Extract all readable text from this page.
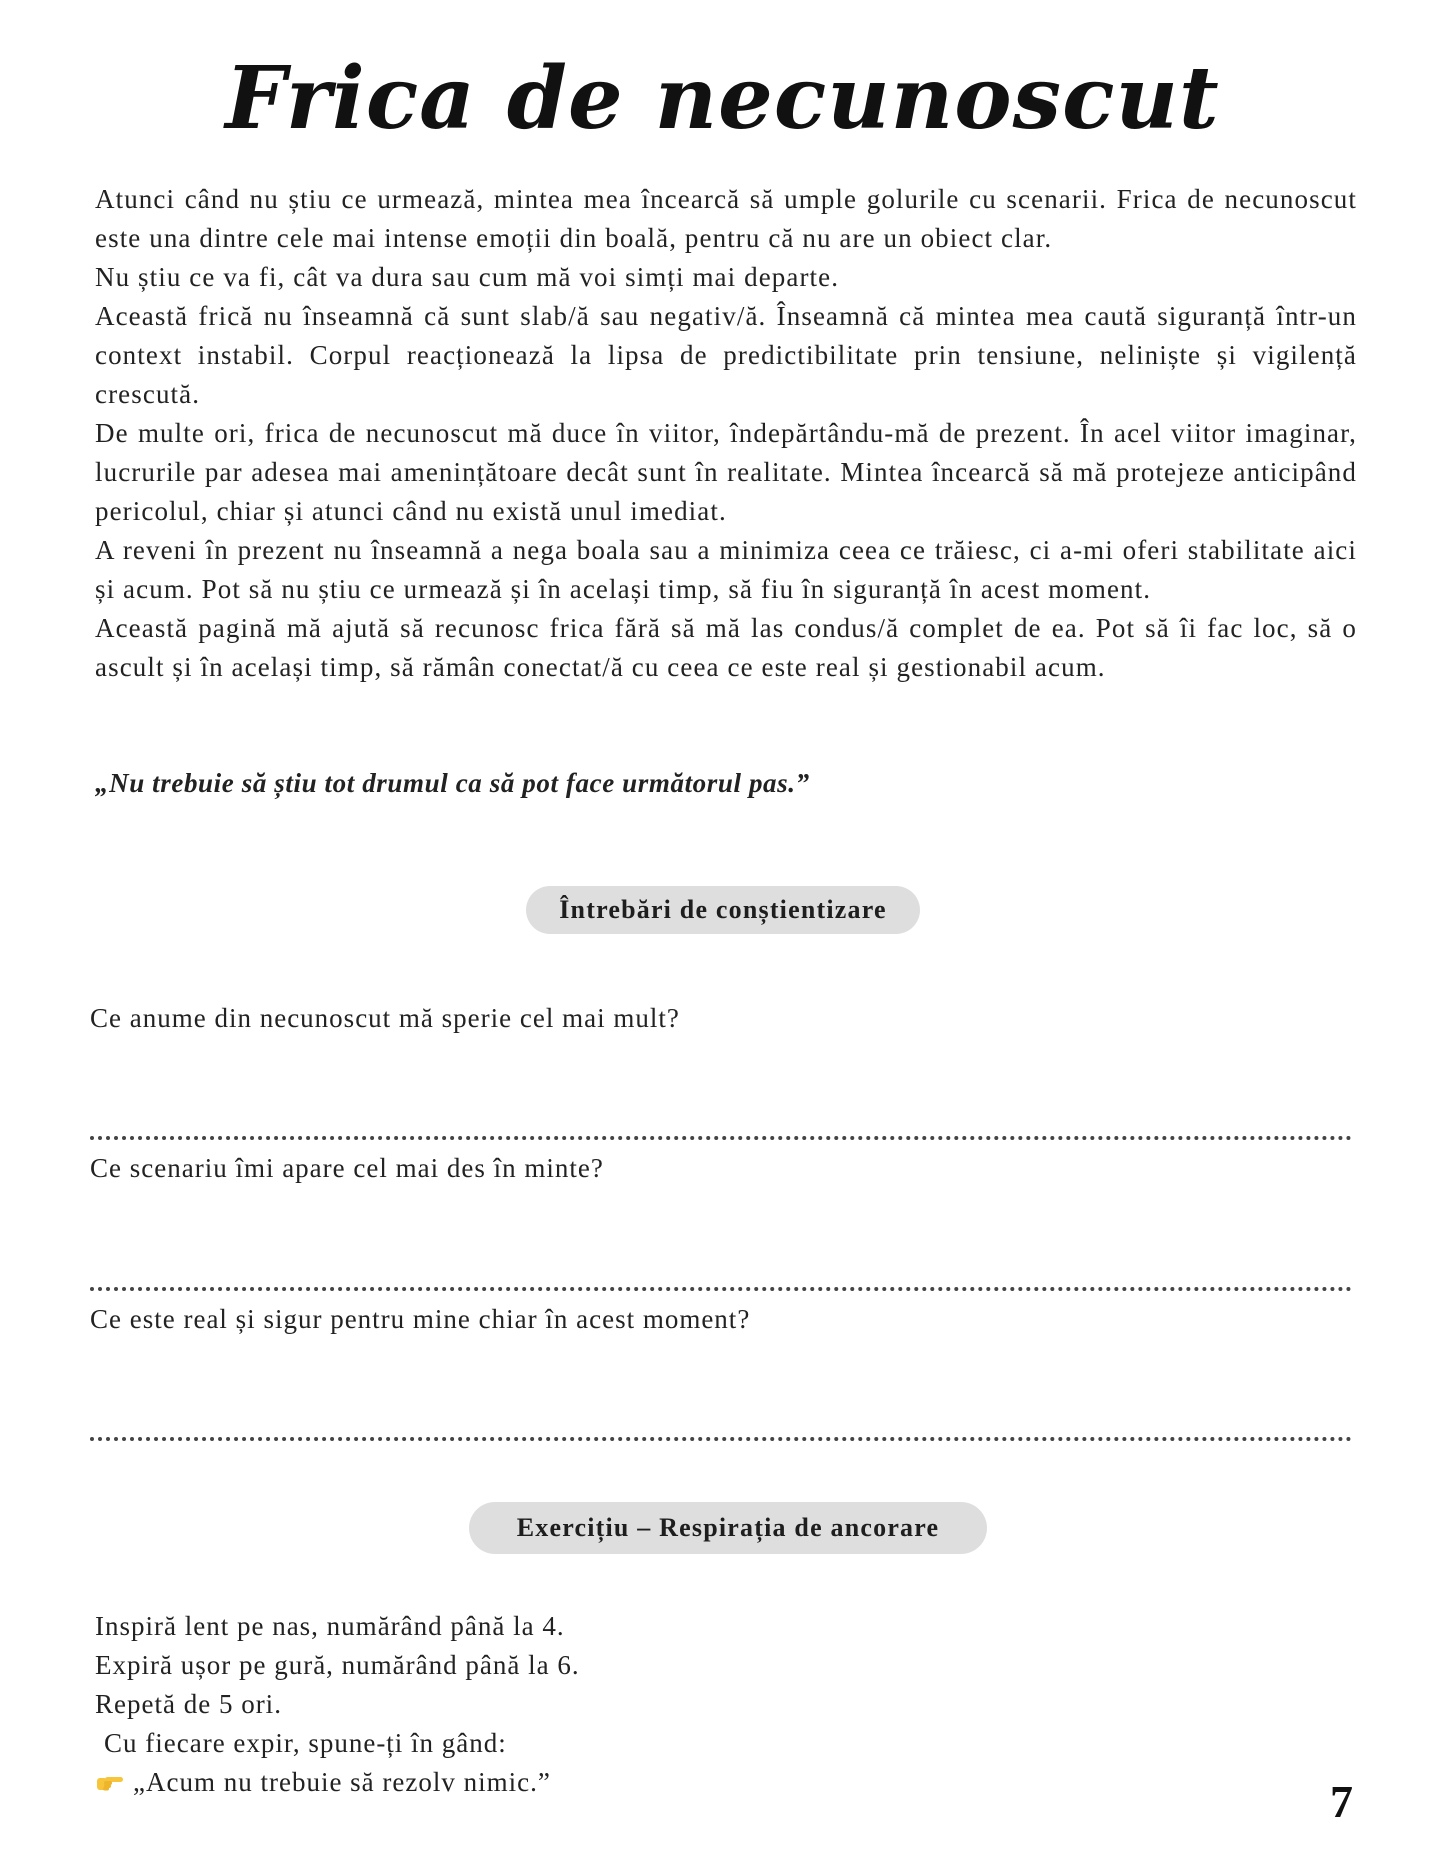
Frica de necunoscut

Atunci când nu știu ce urmează, mintea mea încearcă să umple golurile cu scenarii. Frica de necunoscut este una dintre cele mai intense emoții din boală, pentru că nu are un obiect clar.

Nu știu ce va fi, cât va dura sau cum mă voi simți mai departe.

Această frică nu înseamnă că sunt slab/ă sau negativ/ă. Înseamnă că mintea mea caută siguranță într-un context instabil. Corpul reacționează la lipsa de predictibilitate prin tensiune, neliniște și vigilență crescută.

De multe ori, frica de necunoscut mă duce în viitor, îndepărtându-mă de prezent. În acel viitor imaginar, lucrurile par adesea mai amenințătoare decât sunt în realitate. Mintea încearcă să mă protejeze anticipând pericolul, chiar și atunci când nu există unul imediat.

A reveni în prezent nu înseamnă a nega boala sau a minimiza ceea ce trăiesc, ci a-mi oferi stabilitate aici și acum. Pot să nu știu ce urmează și în același timp, să fiu în siguranță în acest moment.

Această pagină mă ajută să recunosc frica fără să mă las condus/ă complet de ea. Pot să îi fac loc, să o ascult și în același timp, să rămân conectat/ă cu ceea ce este real și gestionabil acum.

„Nu trebuie să știu tot drumul ca să pot face următorul pas.”
Întrebări de conștientizare
Ce anume din necunoscut mă sperie cel mai mult?
Ce scenariu îmi apare cel mai des în minte?
Ce este real și sigur pentru mine chiar în acest moment?
Exercițiu – Respirația de ancorare
Inspiră lent pe nas, numărând până la 4.
Expiră ușor pe gură, numărând până la 6.
Repetă de 5 ori.
Cu fiecare expir, spune-ți în gând:
„Acum nu trebuie să rezolv nimic.”	7
